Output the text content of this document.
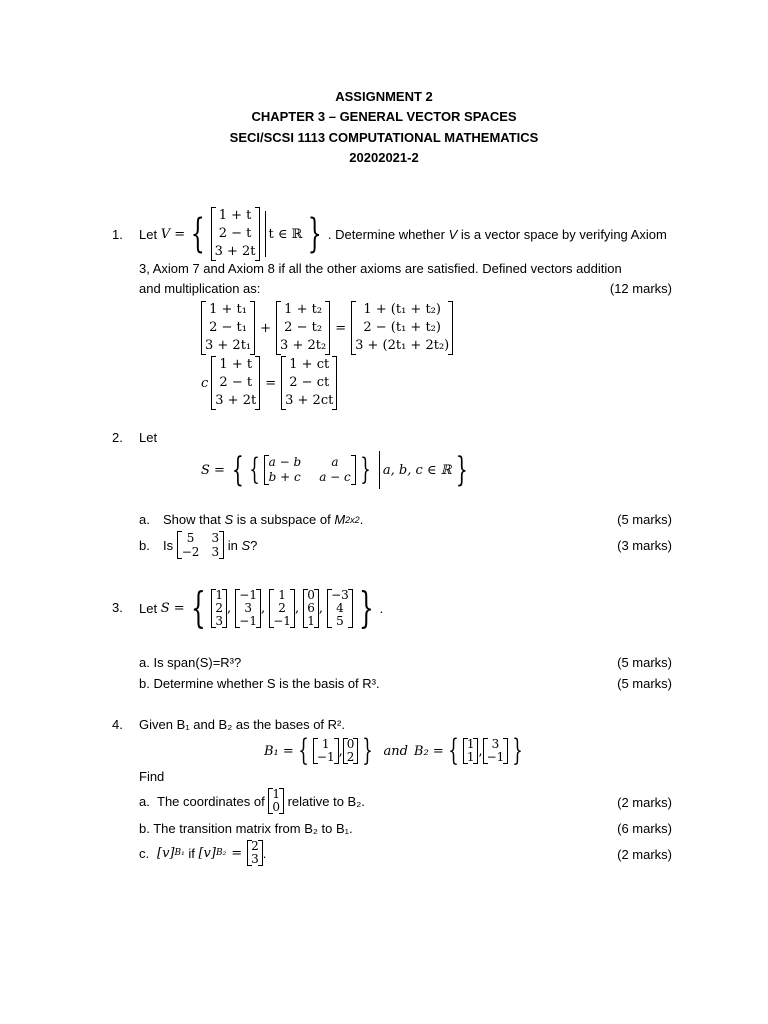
ASSIGNMENT 2
CHAPTER 3 – GENERAL VECTOR SPACES
SECI/SCSI 1113 COMPUTATIONAL MATHEMATICS
20202021-2
1. Let
V = { 1 + t
2 − t
3 + 2t
t ∈ ℝ } . Determine whether
V
is a vector space by verifying Axiom
3, Axiom 7 and Axiom 8 if all the other axioms are satisfied. Defined vectors addition
and multiplication as:	(12 marks)
1 + t₁
2 − t₁
3 + 2t₁
+
1 + t₂
2 − t₂
3 + 2t₂
=
1 + (t₁ + t₂)
2 − (t₁ + t₂)
3 + (2t₁ + 2t₂)
c
1 + t
2 − t
3 + 2t
=
1 + ct
2 − ct
3 + 2ct
2. Let
S = { { a − b	a
b + c a − c } a, b, c ∈ ℝ }
a.	Show that
S
is a subspace of
M 2x2 .	(5 marks)
b.	Is
	5	3
−2 3
in
S ?	(3 marks)
3. Let
S = { 1
2
3
,
−1
3
−1
,
1
2
−1
,
0
6
1
,
−3
4
5 } .
a. Is span(S)=R³?	(5 marks)
b. Determine whether S is the basis of R³.	(5 marks)
4. Given B₁ and B₂ as the bases of R².
B₁ = { 1
−1 , 0
2 } and B₂ = { 1
1 , 3
−1 }
Find
a. The coordinates of
1
0
relative to B₂.	(2 marks)
b. The transition matrix from B₂ to B₁.	(6 marks)
c. [v] B₁
if
[v] B₂ = 2
3 .	(2 marks)
